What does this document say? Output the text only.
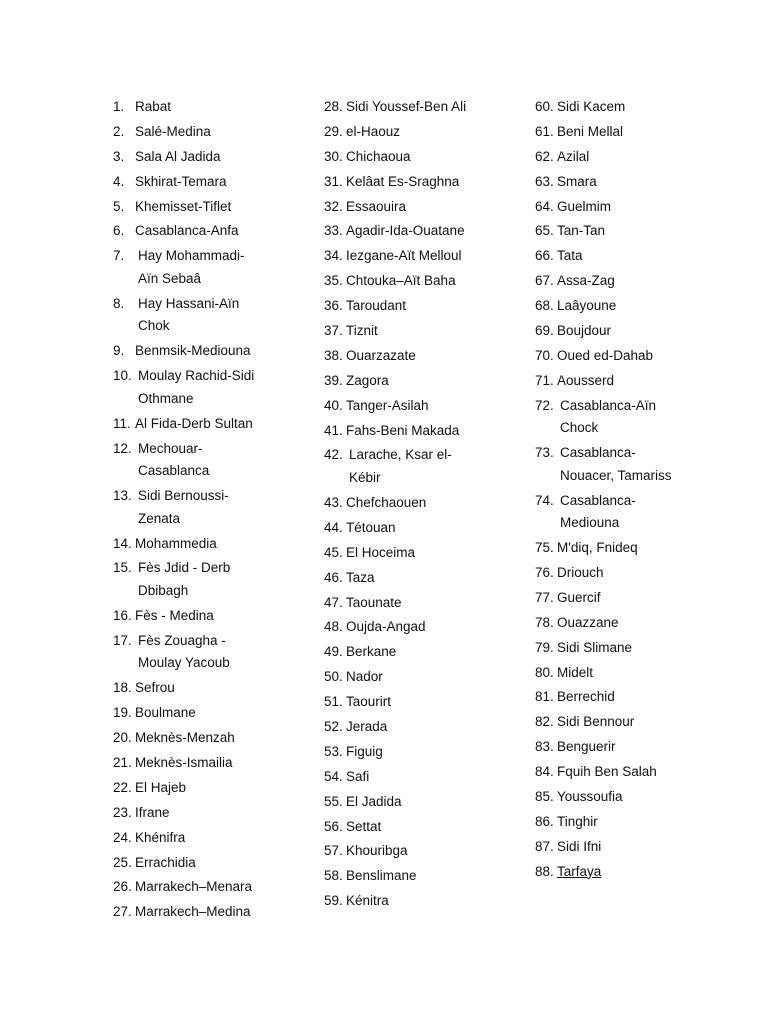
1. Rabat
2. Salé-Medina
3. Sala Al Jadida
4. Skhirat-Temara
5. Khemisset-Tiflet
6. Casablanca-Anfa
7.	Hay Mohammadi-
Aïn Sebaâ
8.	Hay Hassani-Aïn
Chok
9. Benmsik-Mediouna
10. Moulay Rachid-Sidi
Othmane
11. Al Fida-Derb Sultan
12. Mechouar-
Casablanca
13. Sidi Bernoussi-
Zenata
14. Mohammedia
15. Fès Jdid - Derb
Dbibagh
16. Fès - Medina
17. Fès Zouagha -
Moulay Yacoub
18. Sefrou
19. Boulmane
20. Meknès-Menzah
21. Meknès-Ismailia
22. El Hajeb
23. Ifrane
24. Khénifra
25. Errachidia
26. Marrakech–Menara
27. Marrakech–Medina
28. Sidi Youssef-Ben Ali
29. el-Haouz
30. Chichaoua
31. Kelâat Es-Sraghna
32. Essaouira
33. Agadir-Ida-Ouatane
34. Iezgane-Aït Melloul
35. Chtouka–Aït Baha
36. Taroudant
37. Tiznit
38. Ouarzazate
39. Zagora
40. Tanger-Asilah
41. Fahs-Beni Makada
42. Larache, Ksar el-
Kébir
43. Chefchaouen
44. Tétouan
45. El Hoceima
46. Taza
47. Taounate
48. Oujda-Angad
49. Berkane
50. Nador
51. Taourirt
52. Jerada
53. Figuig
54. Safi
55. El Jadida
56. Settat
57. Khouribga
58. Benslimane
59. Kénitra
60. Sidi Kacem
61. Beni Mellal
62. Azilal
63. Smara
64. Guelmim
65. Tan-Tan
66. Tata
67. Assa-Zag
68. Laâyoune
69. Boujdour
70. Oued ed-Dahab
71. Aousserd
72. Casablanca-Aïn
Chock
73. Casablanca-
Nouacer, Tamariss
74. Casablanca-
Mediouna
75. M'diq, Fnideq
76. Driouch
77. Guercif
78. Ouazzane
79. Sidi Slimane
80. Midelt
81. Berrechid
82. Sidi Bennour
83. Benguerir
84. Fquih Ben Salah
85. Youssoufia
86. Tinghir
87. Sidi Ifni
88. Tarfaya
